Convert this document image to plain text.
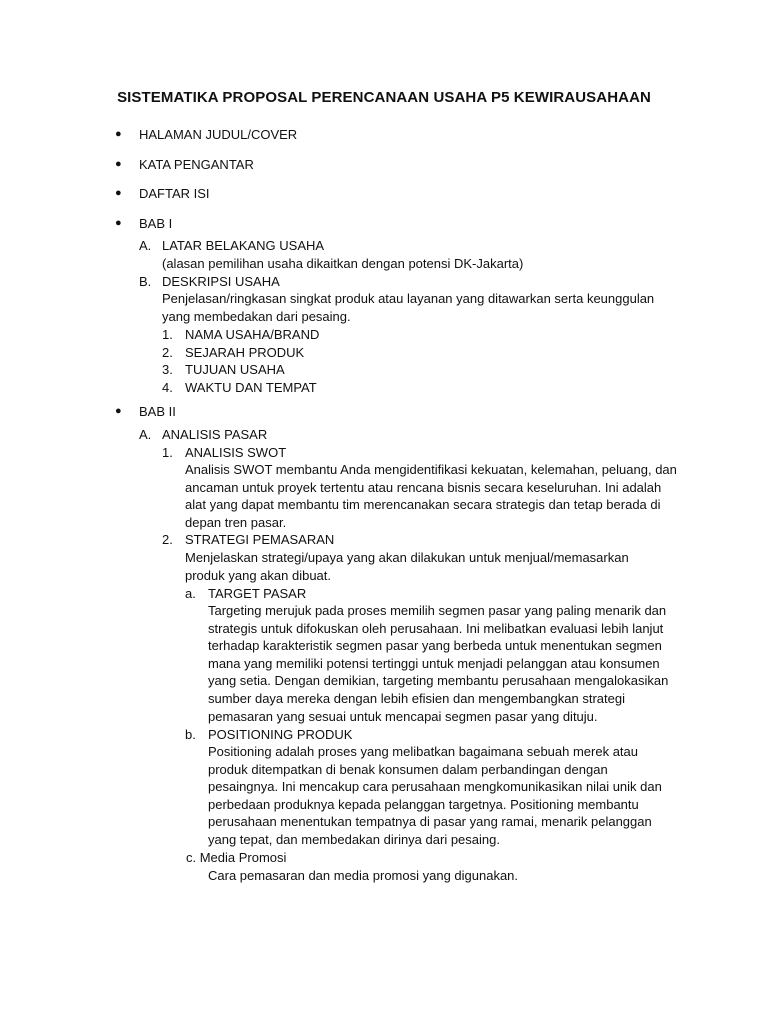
SISTEMATIKA PROPOSAL PERENCANAAN USAHA P5 KEWIRAUSAHAAN
● HALAMAN JUDUL/COVER
● KATA PENGANTAR
● DAFTAR ISI
● BAB I
A. LATAR BELAKANG USAHA
(alasan pemilihan usaha dikaitkan dengan potensi DK-Jakarta)
B. DESKRIPSI USAHA
Penjelasan/ringkasan singkat produk atau layanan yang ditawarkan serta keunggulan
yang membedakan dari pesaing.
1. NAMA USAHA/BRAND
2. SEJARAH PRODUK
3. TUJUAN USAHA
4. WAKTU DAN TEMPAT
● BAB II
A. ANALISIS PASAR
1. ANALISIS SWOT
Analisis SWOT membantu Anda mengidentifikasi kekuatan, kelemahan, peluang, dan
ancaman untuk proyek tertentu atau rencana bisnis secara keseluruhan. Ini adalah
alat yang dapat membantu tim merencanakan secara strategis dan tetap berada di
depan tren pasar.
2. STRATEGI PEMASARAN
Menjelaskan strategi/upaya yang akan dilakukan untuk menjual/memasarkan
produk yang akan dibuat.
a. TARGET PASAR
Targeting merujuk pada proses memilih segmen pasar yang paling menarik dan
strategis untuk difokuskan oleh perusahaan. Ini melibatkan evaluasi lebih lanjut
terhadap karakteristik segmen pasar yang berbeda untuk menentukan segmen
mana yang memiliki potensi tertinggi untuk menjadi pelanggan atau konsumen
yang setia. Dengan demikian, targeting membantu perusahaan mengalokasikan
sumber daya mereka dengan lebih efisien dan mengembangkan strategi
pemasaran yang sesuai untuk mencapai segmen pasar yang dituju.
b. POSITIONING PRODUK
Positioning adalah proses yang melibatkan bagaimana sebuah merek atau
produk ditempatkan di benak konsumen dalam perbandingan dengan
pesaingnya. Ini mencakup cara perusahaan mengkomunikasikan nilai unik dan
perbedaan produknya kepada pelanggan targetnya. Positioning membantu
perusahaan menentukan tempatnya di pasar yang ramai, menarik pelanggan
yang tepat, dan membedakan dirinya dari pesaing.
c. Media Promosi
Cara pemasaran dan media promosi yang digunakan.
